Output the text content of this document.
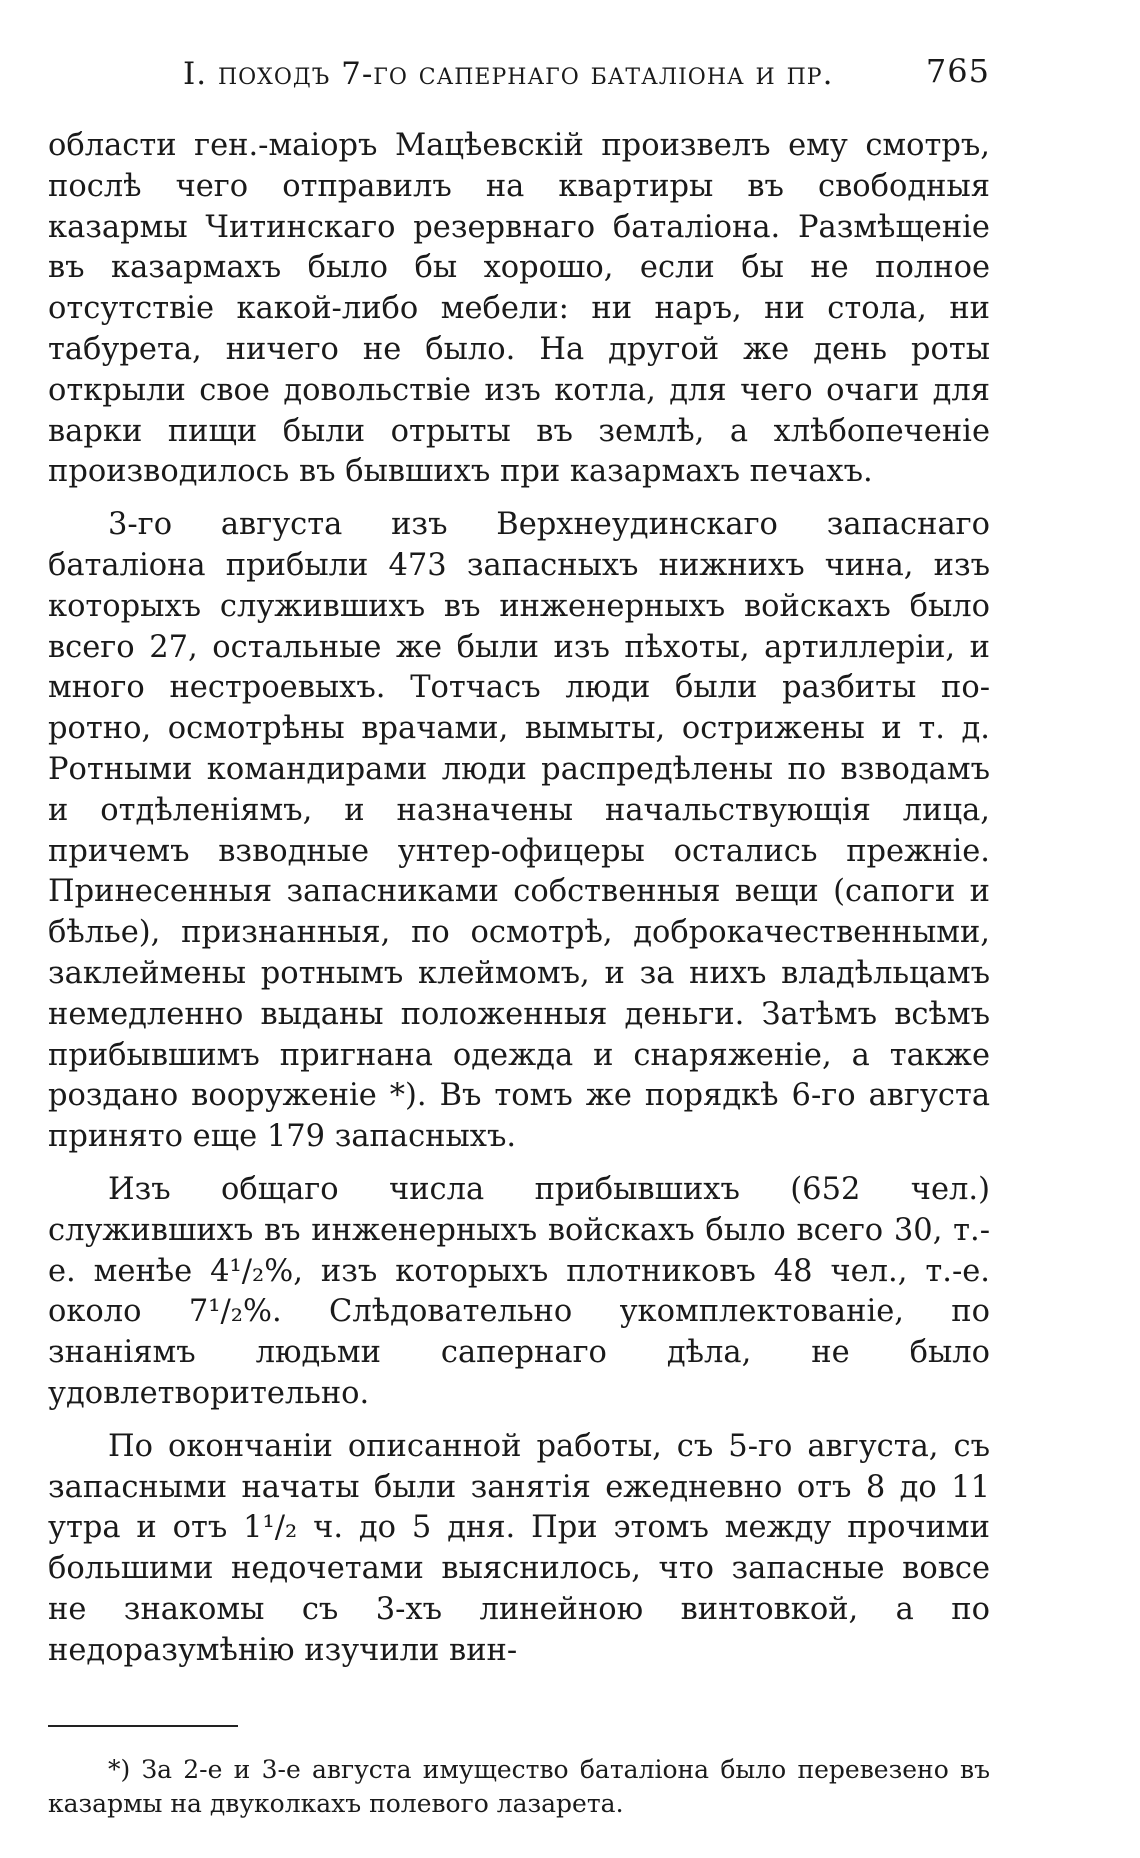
I. походъ 7-го сапернаго баталіона и пр.	765

области ген.-маіоръ Мацѣевскій произвелъ ему смотръ, послѣ чего отправилъ на квартиры въ свободныя казармы Читинскаго резервнаго баталіона. Размѣщеніе въ казармахъ было бы хорошо, если бы не полное отсутствіе какой-либо мебели: ни наръ, ни стола, ни табурета, ничего не было. На другой же день роты открыли свое довольствіе изъ котла, для чего очаги для варки пищи были отрыты въ землѣ, а хлѣбопеченіе производилось въ бывшихъ при казармахъ печахъ.

3-го августа изъ Верхнеудинскаго запаснаго баталіона прибыли 473 запасныхъ нижнихъ чина, изъ которыхъ служившихъ въ инженерныхъ войскахъ было всего 27, остальные же были изъ пѣхоты, артиллеріи, и много нестроевыхъ. Тотчасъ люди были разбиты по-ротно, осмотрѣны врачами, вымыты, острижены и т. д. Ротными командирами люди распредѣлены по взводамъ и отдѣленіямъ, и назначены начальствующія лица, причемъ взводные унтер-офицеры остались прежніе. Принесенныя запасниками собственныя вещи (сапоги и бѣлье), признанныя, по осмотрѣ, доброкачественными, заклеймены ротнымъ клеймомъ, и за нихъ владѣльцамъ немедленно выданы положенныя деньги. Затѣмъ всѣмъ прибывшимъ пригнана одежда и снаряженіе, а также роздано вооруженіе *). Въ томъ же порядкѣ 6-го августа принято еще 179 запасныхъ.

Изъ общаго числа прибывшихъ (652 чел.) служившихъ въ инженерныхъ войскахъ было всего 30, т.-е. менѣе 4¹/₂%, изъ которыхъ плотниковъ 48 чел., т.-е. около 7¹/₂%. Слѣдовательно укомплектованіе, по знаніямъ людьми сапернаго дѣла, не было удовлетворительно.

По окончаніи описанной работы, съ 5-го августа, съ запасными начаты были занятія ежедневно отъ 8 до 11 утра и отъ 1¹/₂ ч. до 5 дня. При этомъ между прочими большими недочетами выяснилось, что запасные вовсе не знакомы съ 3-хъ линейною винтовкой, а по недоразумѣнію изучили вин-

*) За 2-е и 3-е августа имущество баталіона было перевезено въ казармы на двуколкахъ полевого лазарета.
